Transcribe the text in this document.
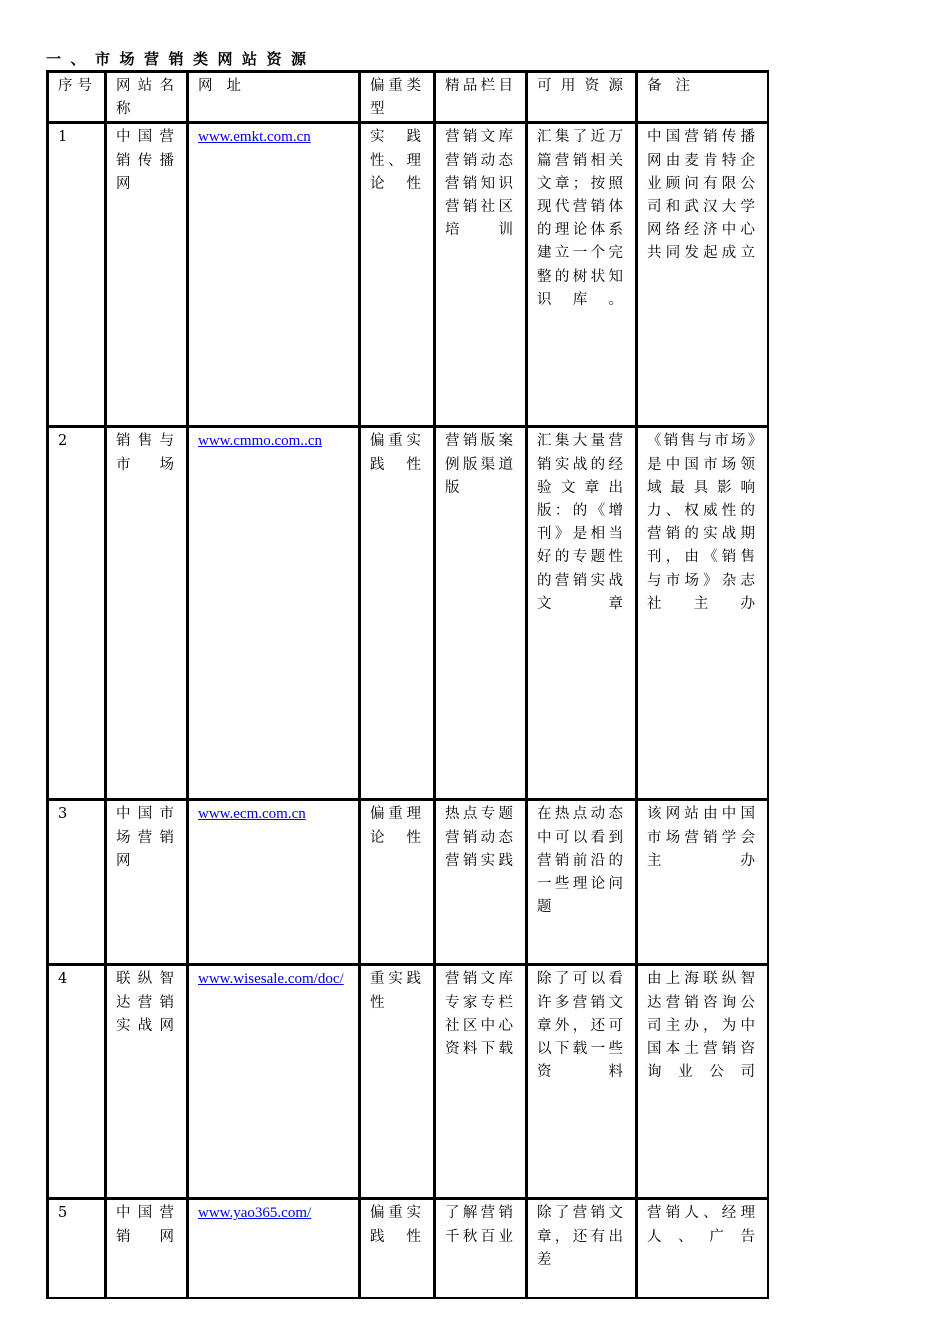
一、市场营销类网站资源
序号	网站名称	网址	偏重类型	精品栏目	可用资源	备注
1	中国营销传播网	www.emkt.com.cn	实践性、理论性	营销文库营销动态营销知识营销社区培训	汇集了近万篇营销相关文章；按照现代营销体的理论体系建立一个完整的树状知识库。	中国营销传播网由麦肯特企业顾问有限公司和武汉大学网络经济中心共同发起成立
2	销售与市场	www.cmmo.com..cn	偏重实践性	营销版案例版渠道版	汇集大量营销实战的经验文章出版：的《增刊》是相当好的专题性的营销实战文章	《销售与市场》是中国市场领域最具影响力、权威性的营销的实战期刊，由《销售与市场》杂志社主办
3	中国市场营销网	www.ecm.com.cn	偏重理论性	热点专题营销动态营销实践	在热点动态中可以看到营销前沿的一些理论问题	该网站由中国市场营销学会主办
4	联纵智达营销实战网	www.wisesale.com/doc/	重实践性	营销文库专家专栏社区中心资料下载	除了可以看许多营销文章外，还可以下载一些资料	由上海联纵智达营销咨询公司主办，为中国本土营销咨询业公司

5	中国营销网	www.yao365.com/	偏重实践性	了解营销千秋百业	除了营销文章，还有出差	营销人、经理人、广告
